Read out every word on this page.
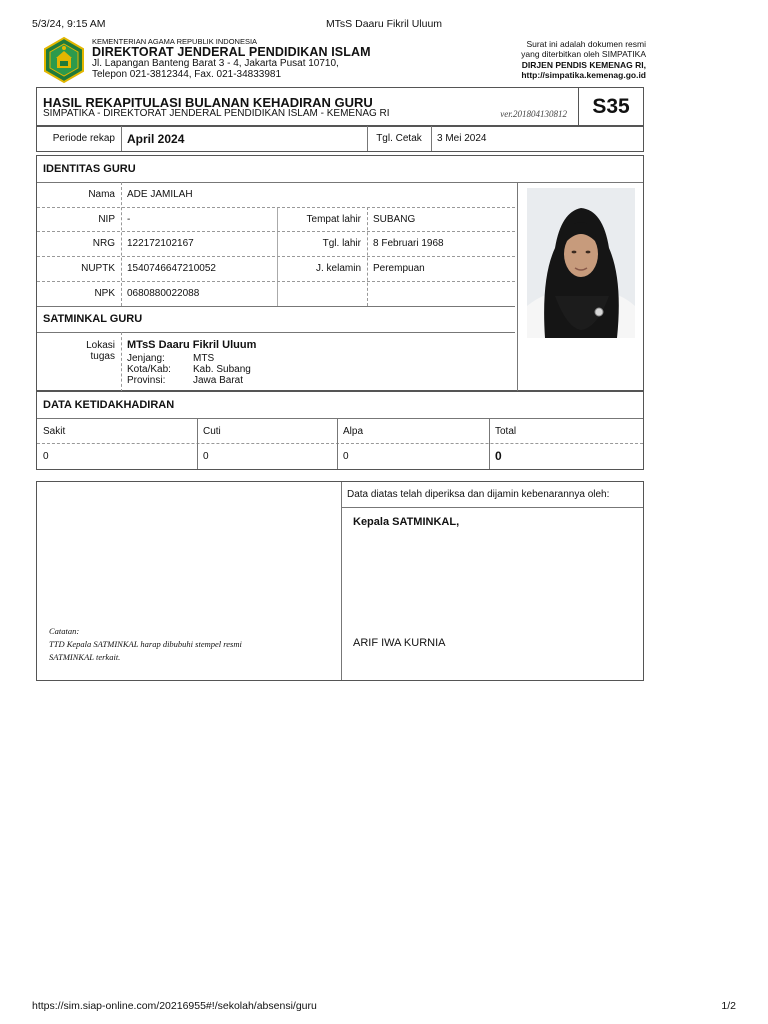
5/3/24, 9:15 AM	MTsS Daaru Fikril Uluum
KEMENTERIAN AGAMA REPUBLIK INDONESIA
DIREKTORAT JENDERAL PENDIDIKAN ISLAM
Jl. Lapangan Banteng Barat 3 - 4, Jakarta Pusat 10710,
Telepon 021-3812344, Fax. 021-34833981
Surat ini adalah dokumen resmi
yang diterbitkan oleh SIMPATIKA
DIRJEN PENDIS KEMENAG RI,
http://simpatika.kemenag.go.id
HASIL REKAPITULASI BULANAN KEHADIRAN GURU
SIMPATIKA - DIREKTORAT JENDERAL PENDIDIKAN ISLAM - KEMENAG RI	ver.201804130812	S35
Periode rekap	April 2024	Tgl. Cetak	3 Mei 2024
IDENTITAS GURU
Nama ADE JAMILAH
NIP -	Tempat lahir SUBANG
NRG 122172102167	Tgl. lahir 8 Februari 1968
NUPTK 1540746647210052	J. kelamin Perempuan
NPK 0680880022088
SATMINKAL GURU
Lokasi
tugas
MTsS Daaru Fikril Uluum
Jenjang:	MTS
Kota/Kab: Kab. Subang
Provinsi:	Jawa Barat
DATA KETIDAKHADIRAN
Sakit	Cuti	Alpa	Total
0	0	0	0
Data diatas telah diperiksa dan dijamin kebenarannya oleh:
Kepala SATMINKAL,
ARIF IWA KURNIA
Catatan:
TTD Kepala SATMINKAL harap dibubuhi stempel resmi
SATMINKAL terkait.
https://sim.siap-online.com/20216955#!/sekolah/absensi/guru	1/2
